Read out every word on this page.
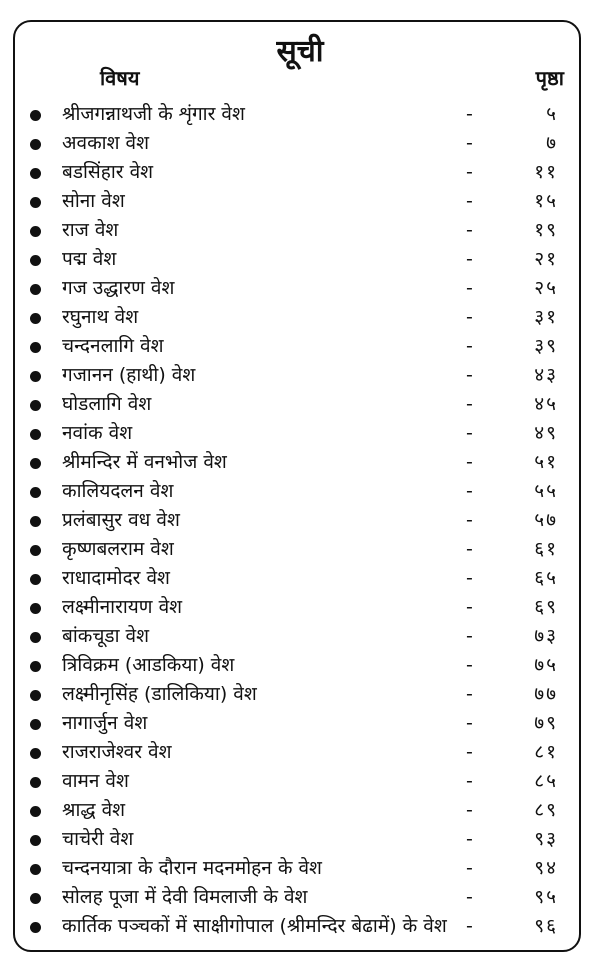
सूची
विषय	पृष्ठा
श्रीजगन्नाथजी के शृंगार वेश	-	५
अवकाश वेश	-	७
बडसिंहार वेश	-	११
सोना वेश	-	१५
राज वेश	-	१९
पद्म वेश	-	२१
गज उद्धारण वेश	-	२५
रघुनाथ वेश	-	३१
चन्दनलागि वेश	-	३९
गजानन (हाथी) वेश	-	४३
घोडलागि वेश	-	४५
नवांक वेश	-	४९
श्रीमन्दिर में वनभोज वेश	-	५१
कालियदलन वेश	-	५५
प्रलंबासुर वध वेश	-	५७
कृष्णबलराम वेश	-	६१
राधादामोदर वेश	-	६५
लक्ष्मीनारायण वेश	-	६९
बांकचूडा वेश	-	७३
त्रिविक्रम (आडकिया) वेश	-	७५
लक्ष्मीनृसिंह (डालिकिया) वेश	-	७७
नागार्जुन वेश	-	७९
राजराजेश्वर वेश	-	८१
वामन वेश	-	८५
श्राद्ध वेश	-	८९
चाचेरी वेश	-	९३
चन्दनयात्रा के दौरान मदनमोहन के वेश	-	९४
सोलह पूजा में देवी विमलाजी के वेश	-	९५
कार्तिक पञ्चकों में साक्षीगोपाल (श्रीमन्दिर बेढामें) के वेश -	९६
